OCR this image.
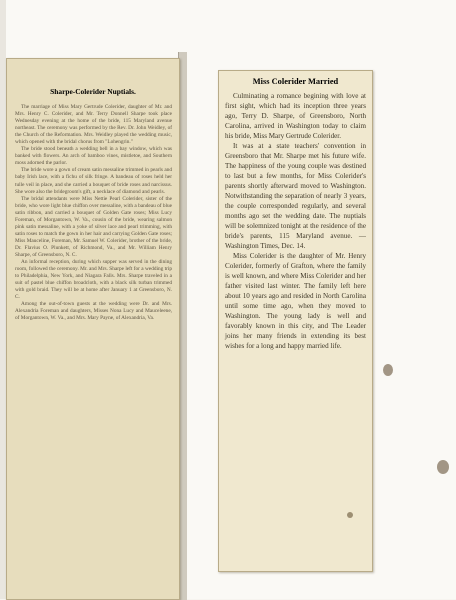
Sharpe-Colerider Nuptials.

The marriage of Miss Mary Gertrude Colerider, daughter of Mr. and Mrs. Henry C. Colerider, and Mr. Terry Donnell Sharpe took place Wednesday evening at the home of the bride, 115 Maryland avenue northeast. The ceremony was performed by the Rev. Dr. John Weidley, of the Church of the Reformation. Mrs. Weidley played the wedding music, which opened with the bridal chorus from "Lohengrin."

The bride stood beneath a wedding bell in a bay window, which was banked with flowers. An arch of bamboo vines, mistletoe, and Southern moss adorned the parlor.

The bride wore a gown of cream satin messaline trimmed in pearls and baby Irish lace, with a fichu of silk fringe. A bandeau of roses held her tulle veil in place, and she carried a bouquet of bride roses and narcissus. She wore also the bridegroom's gift, a necklace of diamond and pearls.

The bridal attendants were Miss Nettie Pearl Colerider, sister of the bride, who wore light blue chiffon over messaline, with a bandeau of blue satin ribbon, and carried a bouquet of Golden Gate roses; Miss Lucy Foreman, of Morgantown, W. Va., cousin of the bride, wearing salmon pink satin messaline, with a yoke of silver lace and pearl trimming, with satin roses to match the gown in her hair and carrying Golden Gate roses; Miss Mauceline, Foreman, Mr. Samuel W. Colerider, brother of the bride, Dr. Flavius O. Plunkett, of Richmond, Va., and Mr. William Henry Sharpe, of Greensboro, N. C.

An informal reception, during which supper was served in the dining room, followed the ceremony. Mr. and Mrs. Sharpe left for a wedding trip to Philadelphia, New York, and Niagara Falls. Mrs. Sharpe traveled in a suit of pastel blue chiffon broadcloth, with a black silk turban trimmed with gold braid. They will be at home after January 1 at Greensboro, N. C.

Among the out-of-town guests at the wedding were Dr. and Mrs. Alexandria Foreman and daughters, Misses Nona Lucy and Mauceleene, of Morgantown, W. Va., and Mrs. Mary Payne, of Alexandria, Va.

Miss Colerider Married

Culminating a romance begining with love at first sight, which had its inception three years ago, Terry D. Sharpe, of Greensboro, North Carolina, arrived in Washington today to claim his bride, Miss Mary Gertrude Colerider.

It was at a state teachers' convention in Greensboro that Mr. Sharpe met his future wife. The happiness of the young couple was destined to last but a few months, for Miss Colerider's parents shortly afterward moved to Washington. Notwithstanding the separation of nearly 3 years, the couple corresponded regularly, and several months ago set the wedding date. The nuptials will be solemnized tonight at the residence of the bride's parents, 115 Maryland avenue. — Washington Times, Dec. 14.

Miss Colerider is the daughter of Mr. Henry Colerider, formerly of Grafton, where the family is well known, and where Miss Colerider and her father visited last winter. The family left here about 10 years ago and resided in North Carolina until some time ago, when they moved to Washington. The young lady is well and favorably known in this city, and The Leader joins her many friends in extending its best wishes for a long and happy married life.
